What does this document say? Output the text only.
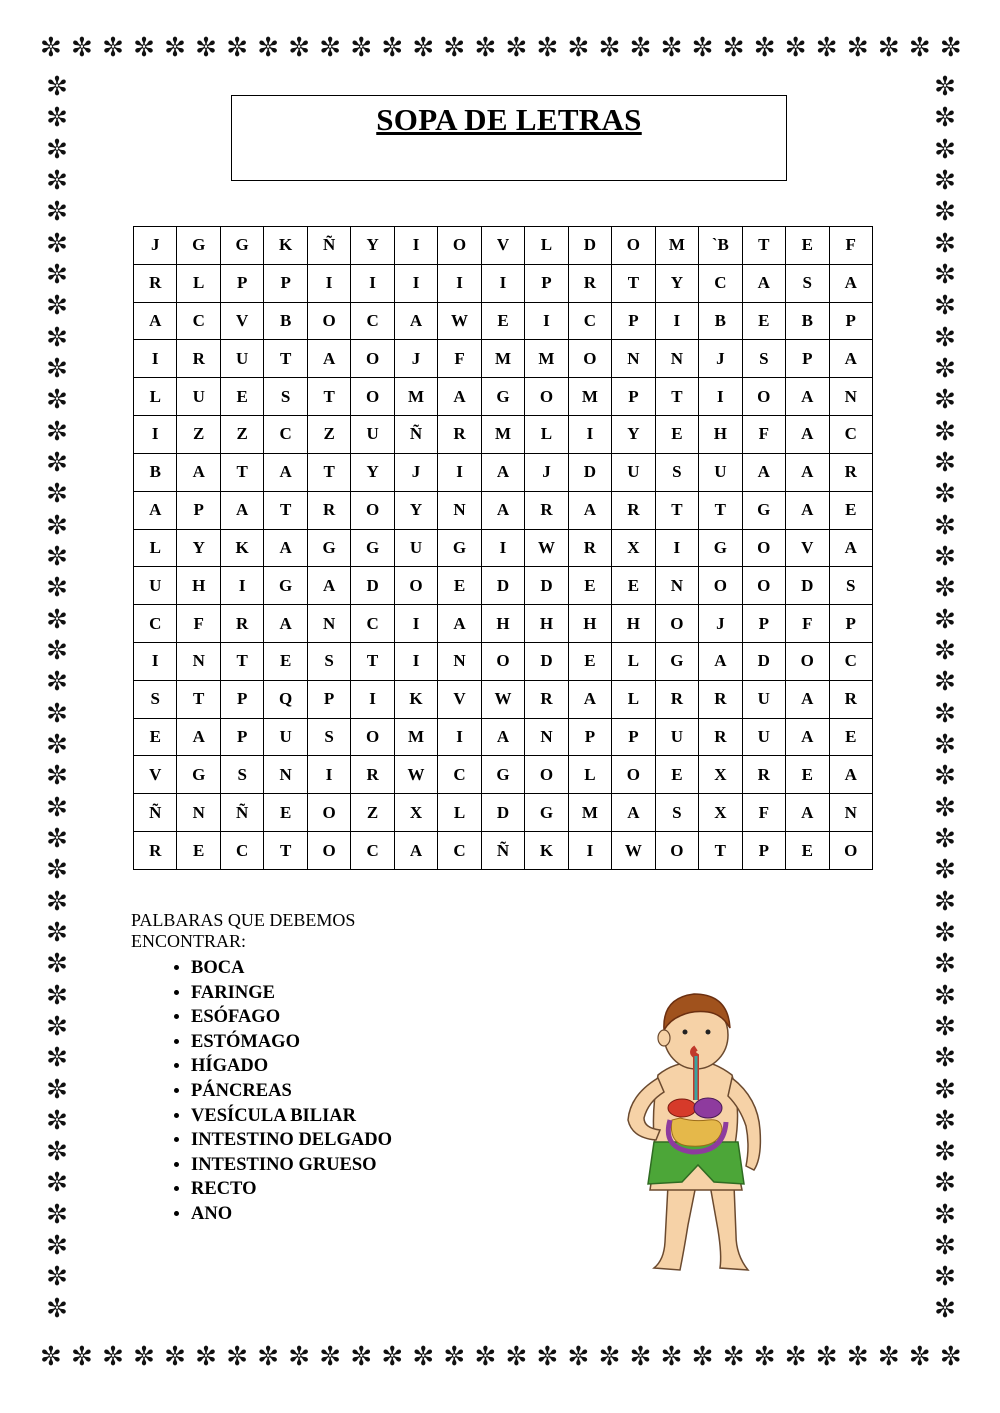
✼ ✼ ✼ ✼ ✼ ✼ ✼ ✼ ✼ ✼ ✼ ✼ ✼ ✼ ✼ ✼ ✼ ✼ ✼ ✼ ✼ ✼ ✼ ✼ ✼ ✼ ✼ ✼ ✼ ✼
✼ ✼ ✼ ✼ ✼ ✼ ✼ ✼ ✼ ✼ ✼ ✼ ✼ ✼ ✼ ✼ ✼ ✼ ✼ ✼ ✼ ✼ ✼ ✼ ✼ ✼ ✼ ✼ ✼ ✼
✼
✼
✼
✼
✼
✼
✼
✼
✼
✼
✼
✼
✼
✼
✼
✼
✼
✼
✼
✼
✼
✼
✼
✼
✼
✼
✼
✼
✼
✼
✼
✼
✼
✼
✼
✼
✼
✼
✼
✼
✼
✼
✼
✼
✼
✼
✼
✼
✼
✼
✼
✼
✼
✼
✼
✼
✼
✼
✼
✼
✼
✼
✼
✼
✼
✼
✼
✼
✼
✼
✼
✼
✼
✼
✼
✼
✼
✼
✼
✼
SOPA DE LETRAS
J	G	G	K	Ñ	Y	I	O	V	L	D	O	M	`B	T	E	F
R	L	P	P	I	I	I	I	I	P	R	T	Y	C	A	S	A
A	C	V	B	O	C	A	W	E	I	C	P	I	B	E	B	P
I	R	U	T	A	O	J	F	M	M	O	N	N	J	S	P	A
L	U	E	S	T	O	M	A	G	O	M	P	T	I	O	A	N
I	Z	Z	C	Z	U	Ñ	R	M	L	I	Y	E	H	F	A	C
B	A	T	A	T	Y	J	I	A	J	D	U	S	U	A	A	R
A	P	A	T	R	O	Y	N	A	R	A	R	T	T	G	A	E
L	Y	K	A	G	G	U	G	I	W	R	X	I	G	O	V	A
U	H	I	G	A	D	O	E	D	D	E	E	N	O	O	D	S
C	F	R	A	N	C	I	A	H	H	H	H	O	J	P	F	P
I	N	T	E	S	T	I	N	O	D	E	L	G	A	D	O	C
S	T	P	Q	P	I	K	V	W	R	A	L	R	R	U	A	R
E	A	P	U	S	O	M	I	A	N	P	P	U	R	U	A	E
V	G	S	N	I	R	W	C	G	O	L	O	E	X	R	E	A
Ñ	N	Ñ	E	O	Z	X	L	D	G	M	A	S	X	F	A	N
R	E	C	T	O	C	A	C	Ñ	K	I	W	O	T	P	E	O
PALBARAS QUE DEBEMOS
ENCONTRAR:
• BOCA
• FARINGE
• ESÓFAGO
• ESTÓMAGO
• HÍGADO
• PÁNCREAS
• VESÍCULA BILIAR
• INTESTINO DELGADO
• INTESTINO GRUESO
• RECTO
• ANO
